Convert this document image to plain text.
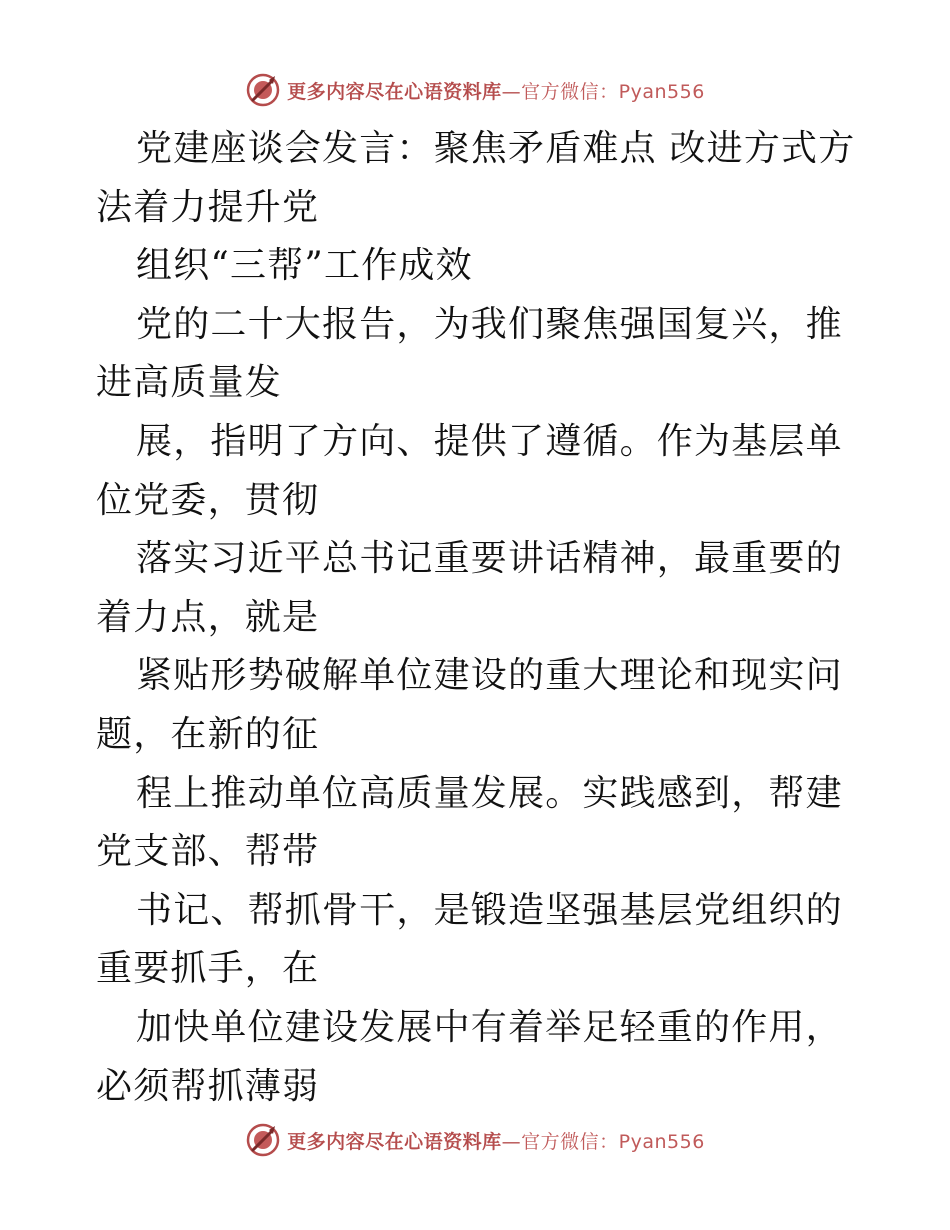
更多内容尽在心语资料库—官方微信：Pyan556

党建座谈会发言：聚焦矛盾难点 改进方式方法着力提升党

组织“三帮”工作成效

党的二十大报告，为我们聚焦强国复兴，推进高质量发

展，指明了方向、提供了遵循。作为基层单位党委，贯彻

落实习近平总书记重要讲话精神，最重要的着力点，就是

紧贴形势破解单位建设的重大理论和现实问题，在新的征

程上推动单位高质量发展。实践感到，帮建党支部、帮带

书记、帮抓骨干，是锻造坚强基层党组织的重要抓手，在

加快单位建设发展中有着举足轻重的作用，必须帮抓薄弱

更多内容尽在心语资料库—官方微信：Pyan556
